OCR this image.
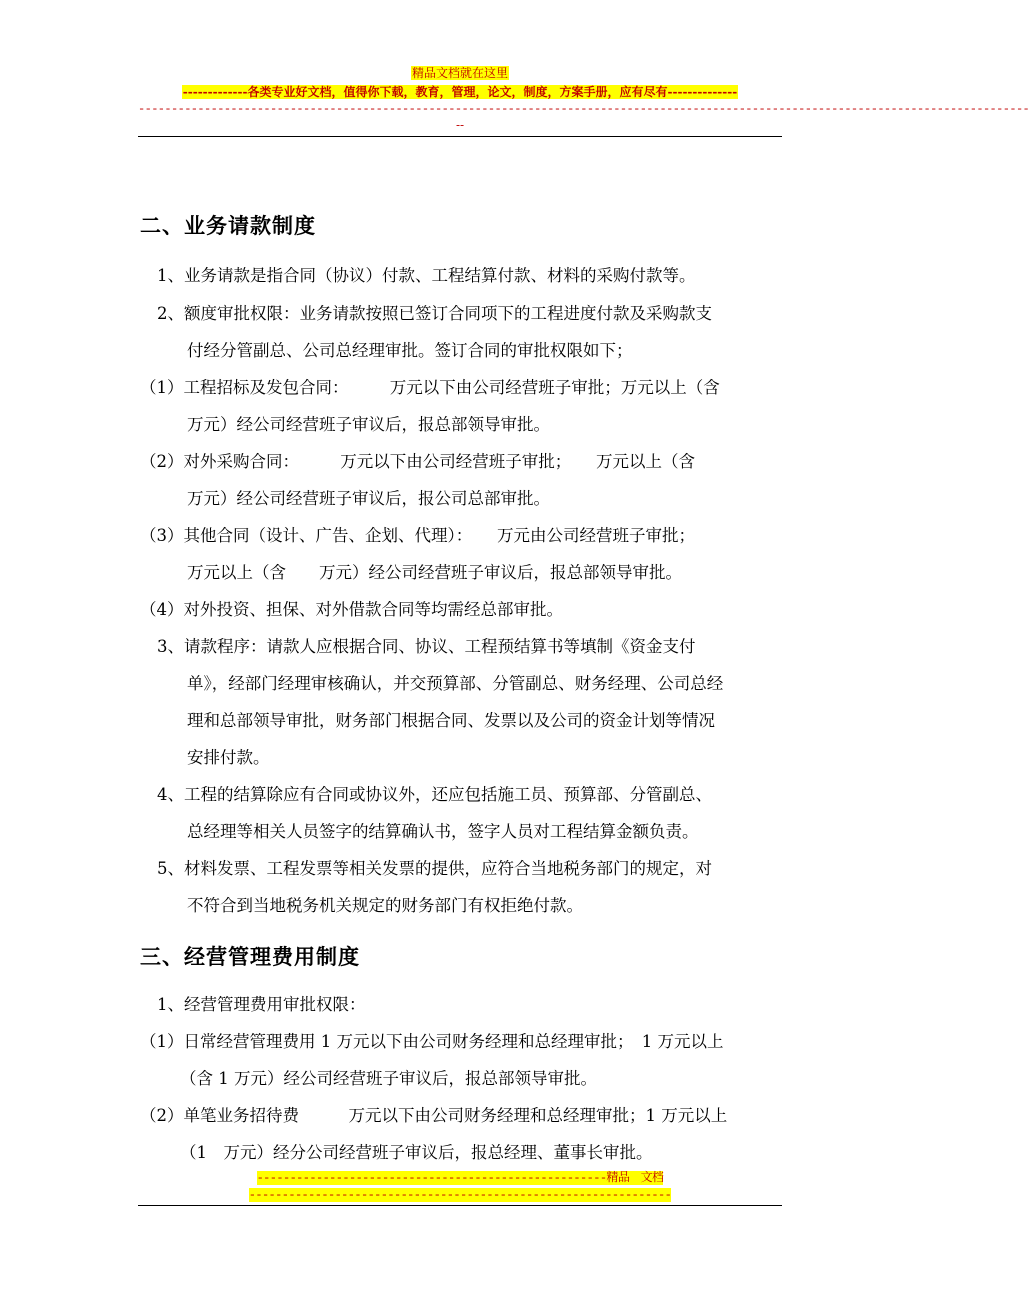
精品文档就在这里
-------------各类专业好文档，值得你下载，教育，管理，论文，制度，方案手册，应有尽有--------------
---------------------------------------------------------------------------------------------------------------------------------------
--
二、业务请款制度
1、业务请款是指合同（协议）付款、工程结算付款、材料的采购付款等。
2、额度审批权限：业务请款按照已签订合同项下的工程进度付款及采购款支
付经分管副总、公司总经理审批。签订合同的审批权限如下；
（1）工程招标及发包合同：　　　万元以下由公司经营班子审批；万元以上（含
万元）经公司经营班子审议后，报总部领导审批。
（2）对外采购合同：　　　万元以下由公司经营班子审批；　　万元以上（含
万元）经公司经营班子审议后，报公司总部审批。
（3）其他合同（设计、广告、企划、代理）：　　万元由公司经营班子审批；
万元以上（含　　万元）经公司经营班子审议后，报总部领导审批。
（4）对外投资、担保、对外借款合同等均需经总部审批。
3、请款程序：请款人应根据合同、协议、工程预结算书等填制《资金支付
单》，经部门经理审核确认，并交预算部、分管副总、财务经理、公司总经
理和总部领导审批，财务部门根据合同、发票以及公司的资金计划等情况
安排付款。
4、工程的结算除应有合同或协议外，还应包括施工员、预算部、分管副总、
总经理等相关人员签字的结算确认书，签字人员对工程结算金额负责。
5、材料发票、工程发票等相关发票的提供，应符合当地税务部门的规定，对
不符合到当地税务机关规定的财务部门有权拒绝付款。
三、经营管理费用制度
1、经营管理费用审批权限：
（1）日常经营管理费用 1 万元以下由公司财务经理和总经理审批；　1 万元以上
（含 1 万元）经公司经营班子审议后，报总部领导审批。
（2）单笔业务招待费　　　万元以下由公司财务经理和总经理审批；1 万元以上
（1　万元）经分公司经营班子审议后，报总经理、董事长审批。
-----------------------------------------------------精品　文档
----------------------------------------------------------------
